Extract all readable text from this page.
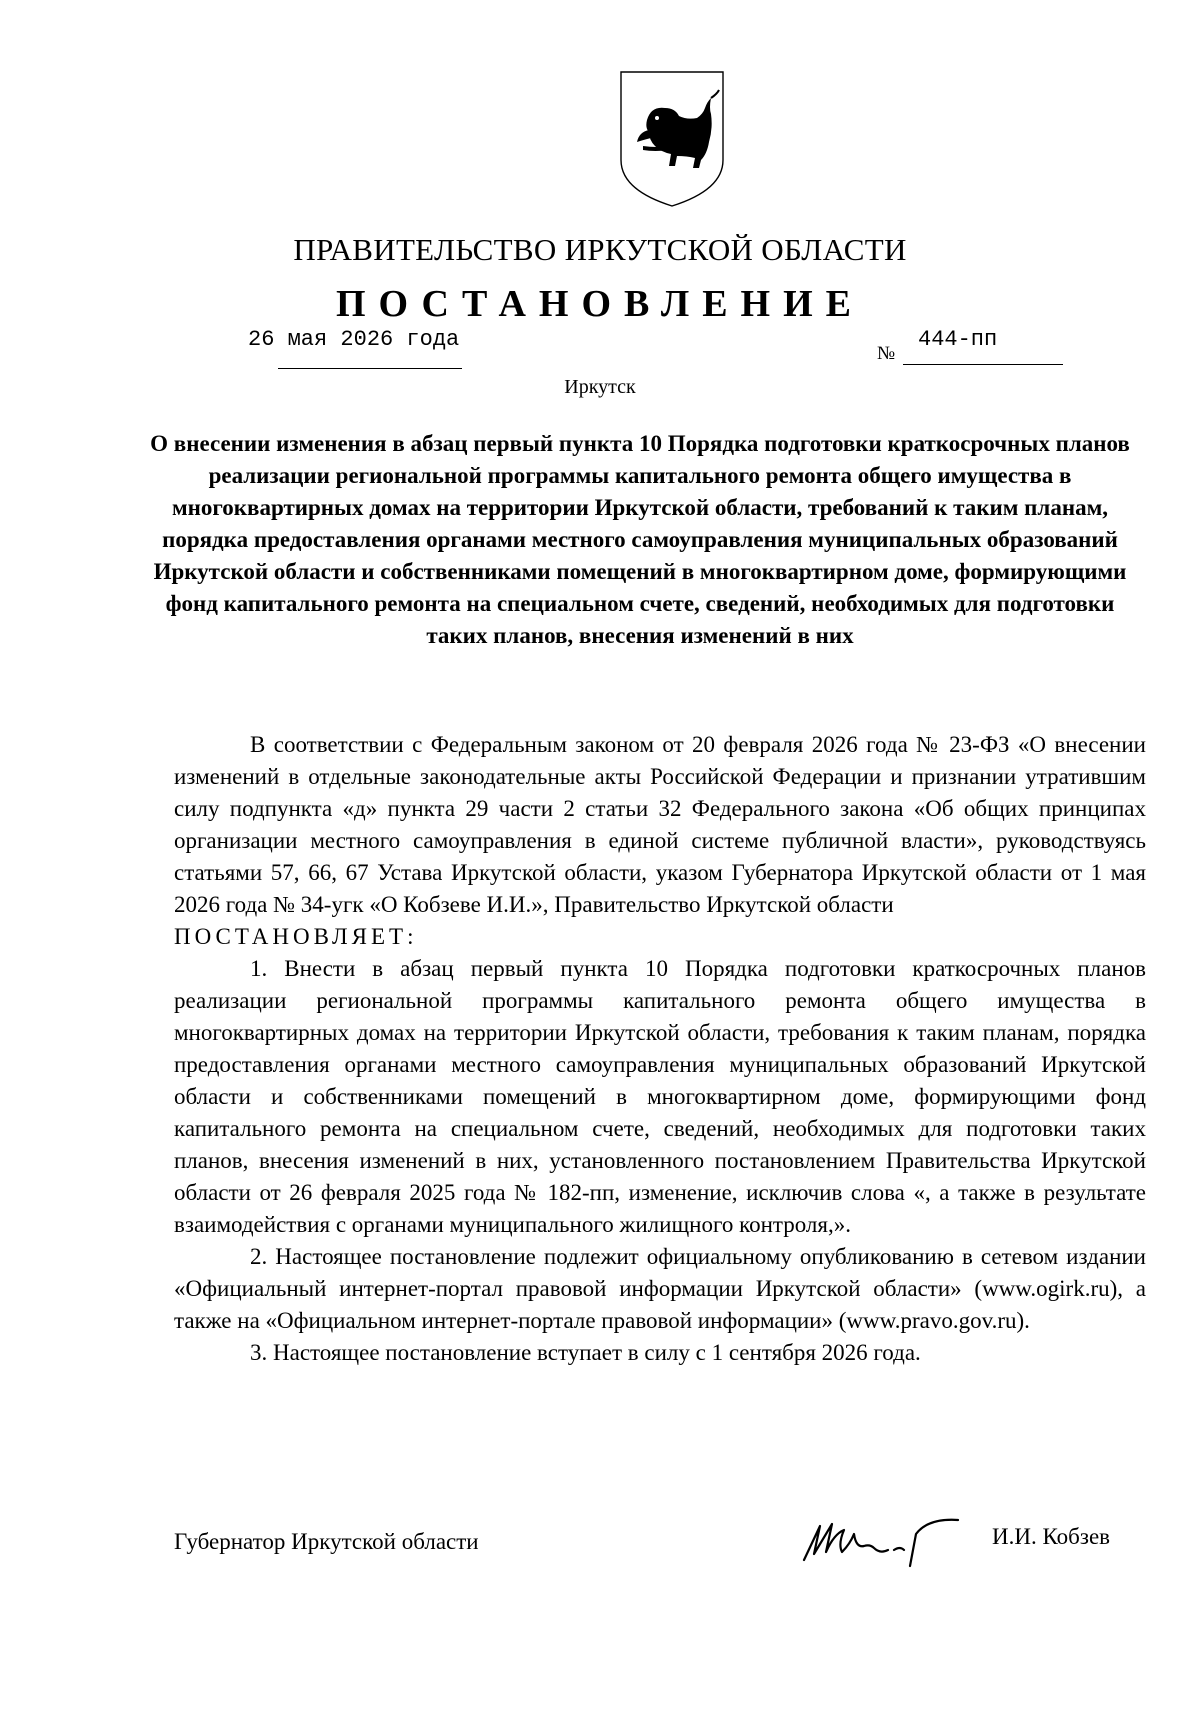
ПРАВИТЕЛЬСТВО ИРКУТСКОЙ ОБЛАСТИ
ПОСТАНОВЛЕНИЕ
26 мая 2026 года
№
444-пп
Иркутск
О внесении изменения в абзац первый пункта 10 Порядка подготовки краткосрочных планов реализации региональной программы капитального ремонта общего имущества в многоквартирных домах на территории Иркутской области, требований к таким планам, порядка предоставления органами местного самоуправления муниципальных образований Иркутской области и собственниками помещений в многоквартирном доме, формирующими фонд капитального ремонта на специальном счете, сведений, необходимых для подготовки таких планов, внесения изменений в них

В соответствии с Федеральным законом от 20 февраля 2026 года № 23-ФЗ «О внесении изменений в отдельные законодательные акты Российской Федерации и признании утратившим силу подпункта «д» пункта 29 части 2 статьи 32 Федерального закона «Об общих принципах организации местного самоуправления в единой системе публичной власти», руководствуясь статьями 57, 66, 67 Устава Иркутской области, указом Губернатора Иркутской области от 1 мая 2026 года № 34-угк «О Кобзеве И.И.», Правительство Иркутской области

ПОСТАНОВЛЯЕТ:

1. Внести в абзац первый пункта 10 Порядка подготовки краткосрочных планов реализации региональной программы капитального ремонта общего имущества в многоквартирных домах на территории Иркутской области, требования к таким планам, порядка предоставления органами местного самоуправления муниципальных образований Иркутской области и собственниками помещений в многоквартирном доме, формирующими фонд капитального ремонта на специальном счете, сведений, необходимых для подготовки таких планов, внесения изменений в них, установленного постановлением Правительства Иркутской области от 26 февраля 2025 года № 182-пп, изменение, исключив слова «, а также в результате взаимодействия с органами муниципального жилищного контроля,».

2. Настоящее постановление подлежит официальному опубликованию в сетевом издании «Официальный интернет-портал правовой информации Иркутской области» (www.ogirk.ru), а также на «Официальном интернет-портале правовой информации» (www.pravo.gov.ru).

3. Настоящее постановление вступает в силу с 1 сентября 2026 года.

Губернатор Иркутской области	И.И. Кобзев
